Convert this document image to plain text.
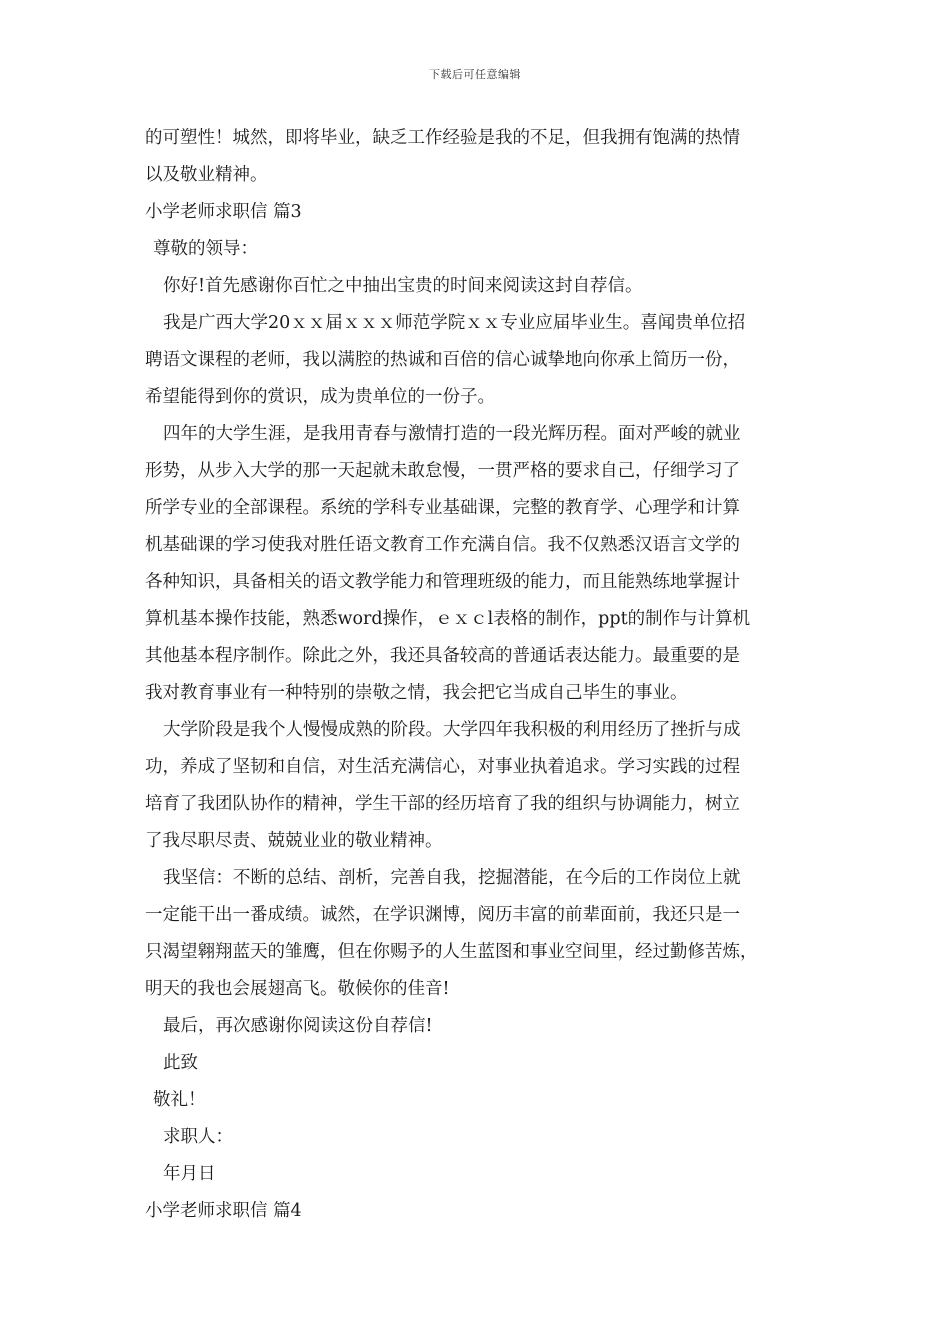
下载后可任意编辑
的可塑性！城然，即将毕业，缺乏工作经验是我的不足，但我拥有饱满的热情
以及敬业精神。
小学老师求职信 篇3
尊敬的领导：
你好!首先感谢你百忙之中抽出宝贵的时间来阅读这封自荐信。
我是广西大学20ｘｘ届ｘｘｘ师范学院ｘｘ专业应届毕业生。喜闻贵单位招
聘语文课程的老师，我以满腔的热诚和百倍的信心诚挚地向你承上简历一份，
希望能得到你的赏识，成为贵单位的一份子。
四年的大学生涯，是我用青春与激情打造的一段光辉历程。面对严峻的就业
形势，从步入大学的那一天起就未敢怠慢，一贯严格的要求自己，仔细学习了
所学专业的全部课程。系统的学科专业基础课，完整的教育学、心理学和计算
机基础课的学习使我对胜任语文教育工作充满自信。我不仅熟悉汉语言文学的
各种知识，具备相关的语文教学能力和管理班级的能力，而且能熟练地掌握计
算机基本操作技能，熟悉word操作，ｅｘｃl表格的制作，ppt的制作与计算机
其他基本程序制作。除此之外，我还具备较高的普通话表达能力。最重要的是
我对教育事业有一种特别的崇敬之情，我会把它当成自己毕生的事业。
大学阶段是我个人慢慢成熟的阶段。大学四年我积极的利用经历了挫折与成
功，养成了坚韧和自信，对生活充满信心，对事业执着追求。学习实践的过程
培育了我团队协作的精神，学生干部的经历培育了我的组织与协调能力，树立
了我尽职尽责、兢兢业业的敬业精神。
我坚信：不断的总结、剖析，完善自我，挖掘潜能，在今后的工作岗位上就
一定能干出一番成绩。诚然，在学识渊博，阅历丰富的前辈面前，我还只是一
只渴望翱翔蓝天的雏鹰，但在你赐予的人生蓝图和事业空间里，经过勤修苦炼，
明天的我也会展翅高飞。敬候你的佳音!
最后，再次感谢你阅读这份自荐信!
此致
敬礼！
求职人：
年月日
小学老师求职信 篇4
